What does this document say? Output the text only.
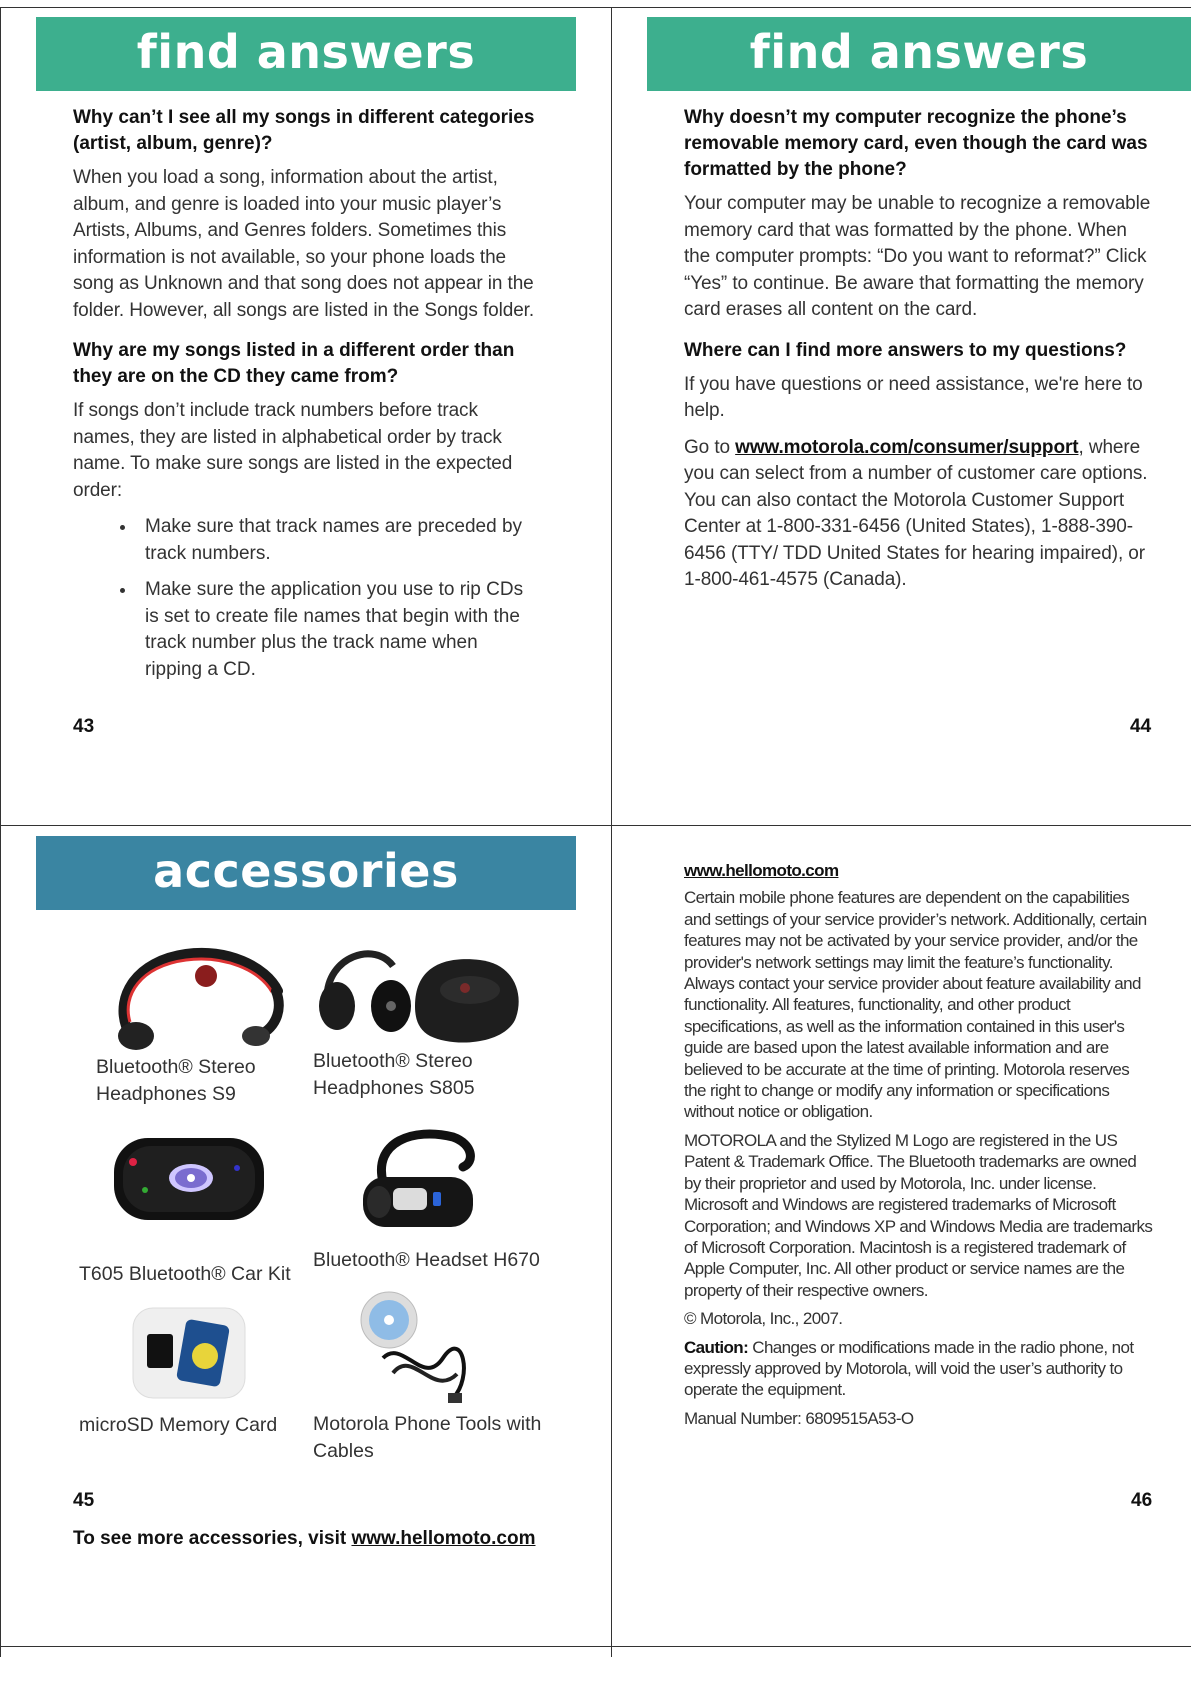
find answers

Why can’t I see all my songs in different categories (artist, album, genre)?

When you load a song, information about the artist, album, and genre is loaded into your music player’s Artists, Albums, and Genres folders. Sometimes this information is not available, so your phone loads the song as Unknown and that song does not appear in the folder. However, all songs are listed in the Songs folder.

Why are my songs listed in a different order than they are on the CD they came from?

If songs don’t include track numbers before track names, they are listed in alphabetical order by track name. To make sure songs are listed in the expected order:

• Make sure that track names are preceded by track numbers.
• Make sure the application you use to rip CDs is set to create file names that begin with the track number plus the track name when ripping a CD.
43
find answers

Why doesn’t my computer recognize the phone’s removable memory card, even though the card was formatted by the phone?

Your computer may be unable to recognize a removable memory card that was formatted by the phone. When the computer prompts: “Do you want to reformat?” Click “Yes” to continue. Be aware that formatting the memory card erases all content on the card.

Where can I find more answers to my questions?

If you have questions or need assistance, we're here to help.

Go to www.motorola.com/consumer/support, where you can select from a number of customer care options. You can also contact the Motorola Customer Support Center at 1-800-331-6456 (United States), 1-888-390-6456 (TTY/ TDD United States for hearing impaired), or 1-800-461-4575 (Canada).

44
accessories
Bluetooth® Stereo Headphones S9
Bluetooth® Stereo Headphones S805
T605 Bluetooth® Car Kit
Bluetooth® Headset H670
microSD Memory Card	Motorola Phone Tools with Cables
To see more accessories, visit www.hellomoto.com
45

www.hellomoto.com

Certain mobile phone features are dependent on the capabilities and settings of your service provider’s network. Additionally, certain features may not be activated by your service provider, and/or the provider's network settings may limit the feature’s functionality. Always contact your service provider about feature availability and functionality. All features, functionality, and other product specifications, as well as the information contained in this user's guide are based upon the latest available information and are believed to be accurate at the time of printing. Motorola reserves the right to change or modify any information or specifications without notice or obligation.

MOTOROLA and the Stylized M Logo are registered in the US Patent & Trademark Office. The Bluetooth trademarks are owned by their proprietor and used by Motorola, Inc. under license. Microsoft and Windows are registered trademarks of Microsoft Corporation; and Windows XP and Windows Media are trademarks of Microsoft Corporation. Macintosh is a registered trademark of Apple Computer, Inc. All other product or service names are the property of their respective owners.

© Motorola, Inc., 2007.

Caution: Changes or modifications made in the radio phone, not expressly approved by Motorola, will void the user’s authority to operate the equipment.

Manual Number: 6809515A53-O

46
